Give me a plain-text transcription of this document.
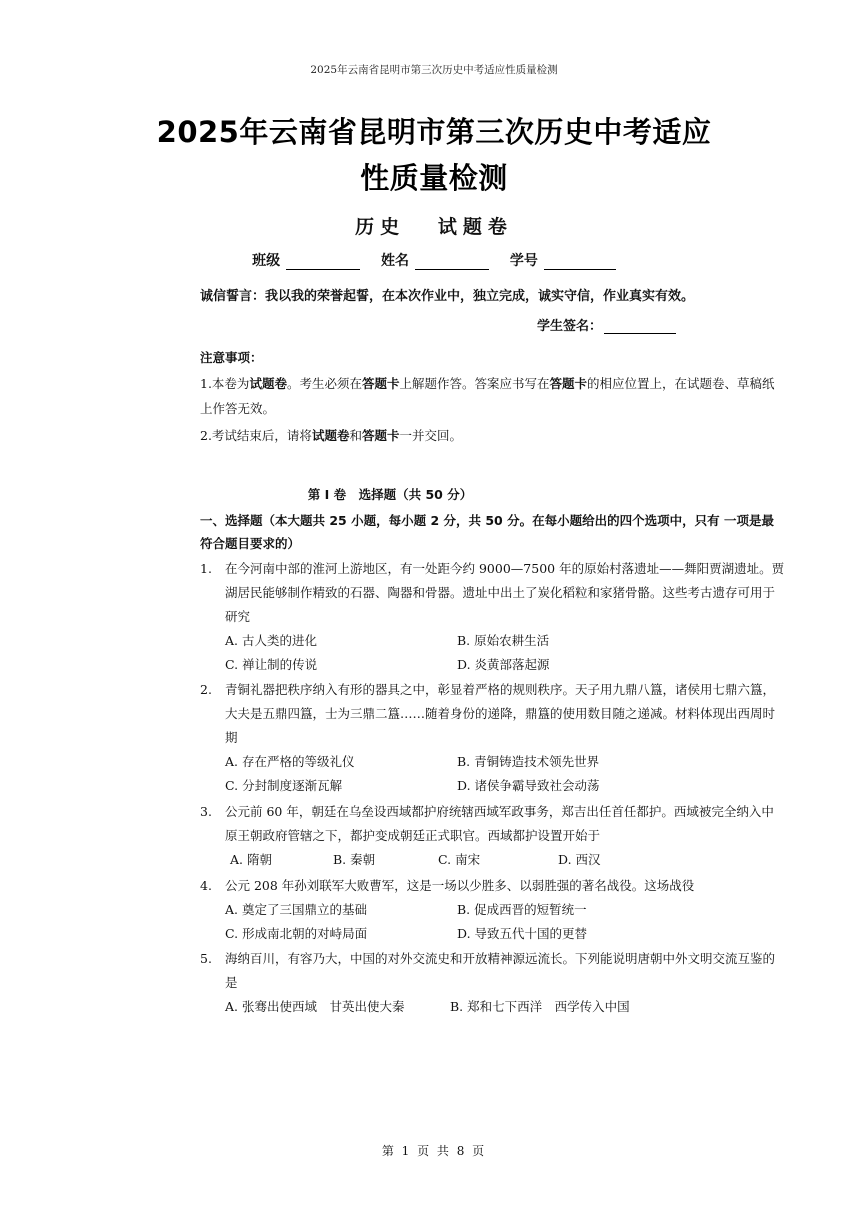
2025年云南省昆明市第三次历史中考适应性质量检测
2025年云南省昆明市第三次历史中考适应
性质量检测
历史 试题卷
班级	姓名	学号
诚信誓言：我以我的荣誉起誓，在本次作业中，独立完成，诚实守信，作业真实有效。
学生签名：
注意事项：
1.本卷为试题卷。考生必须在答题卡上解题作答。答案应书写在答题卡的相应位置上，在试题卷、草稿纸上作答无效。
2.考试结束后，请将试题卷和答题卡一并交回。
第 I 卷　选择题（共 50 分）
一、选择题（本大题共 25 小题，每小题 2 分，共 50 分。在每小题给出的四个选项中，只有 一项是最符合题目要求的）
1. 在今河南中部的淮河上游地区，有一处距今约 9000—7500 年的原始村落遗址——舞阳贾湖遗址。贾湖居民能够制作精致的石器、陶器和骨器。遗址中出土了炭化稻粒和家猪骨骼。这些考古遗存可用于研究
A. 古人类的进化	B. 原始农耕生活
C. 禅让制的传说	D. 炎黄部落起源
2. 青铜礼器把秩序纳入有形的器具之中，彰显着严格的规则秩序。天子用九鼎八簋，诸侯用七鼎六簋，大夫是五鼎四簋，士为三鼎二簋……随着身份的递降，鼎簋的使用数目随之递减。材料体现出西周时期
A. 存在严格的等级礼仪	B. 青铜铸造技术领先世界
C. 分封制度逐渐瓦解	D. 诸侯争霸导致社会动荡
3. 公元前 60 年，朝廷在乌垒设西域都护府统辖西域军政事务，郑吉出任首任都护。西域被完全纳入中原王朝政府管辖之下，都护变成朝廷正式职官。西域都护设置开始于
A. 隋朝	B. 秦朝	C. 南宋	D. 西汉
4. 公元 208 年孙刘联军大败曹军，这是一场以少胜多、以弱胜强的著名战役。这场战役
A. 奠定了三国鼎立的基础	B. 促成西晋的短暂统一
C. 形成南北朝的对峙局面	D. 导致五代十国的更替
5. 海纳百川，有容乃大，中国的对外交流史和开放精神源远流长。下列能说明唐朝中外文明交流互鉴的是
A. 张骞出使西域　甘英出使大秦	B. 郑和七下西洋　西学传入中国
第 1 页 共 8 页
